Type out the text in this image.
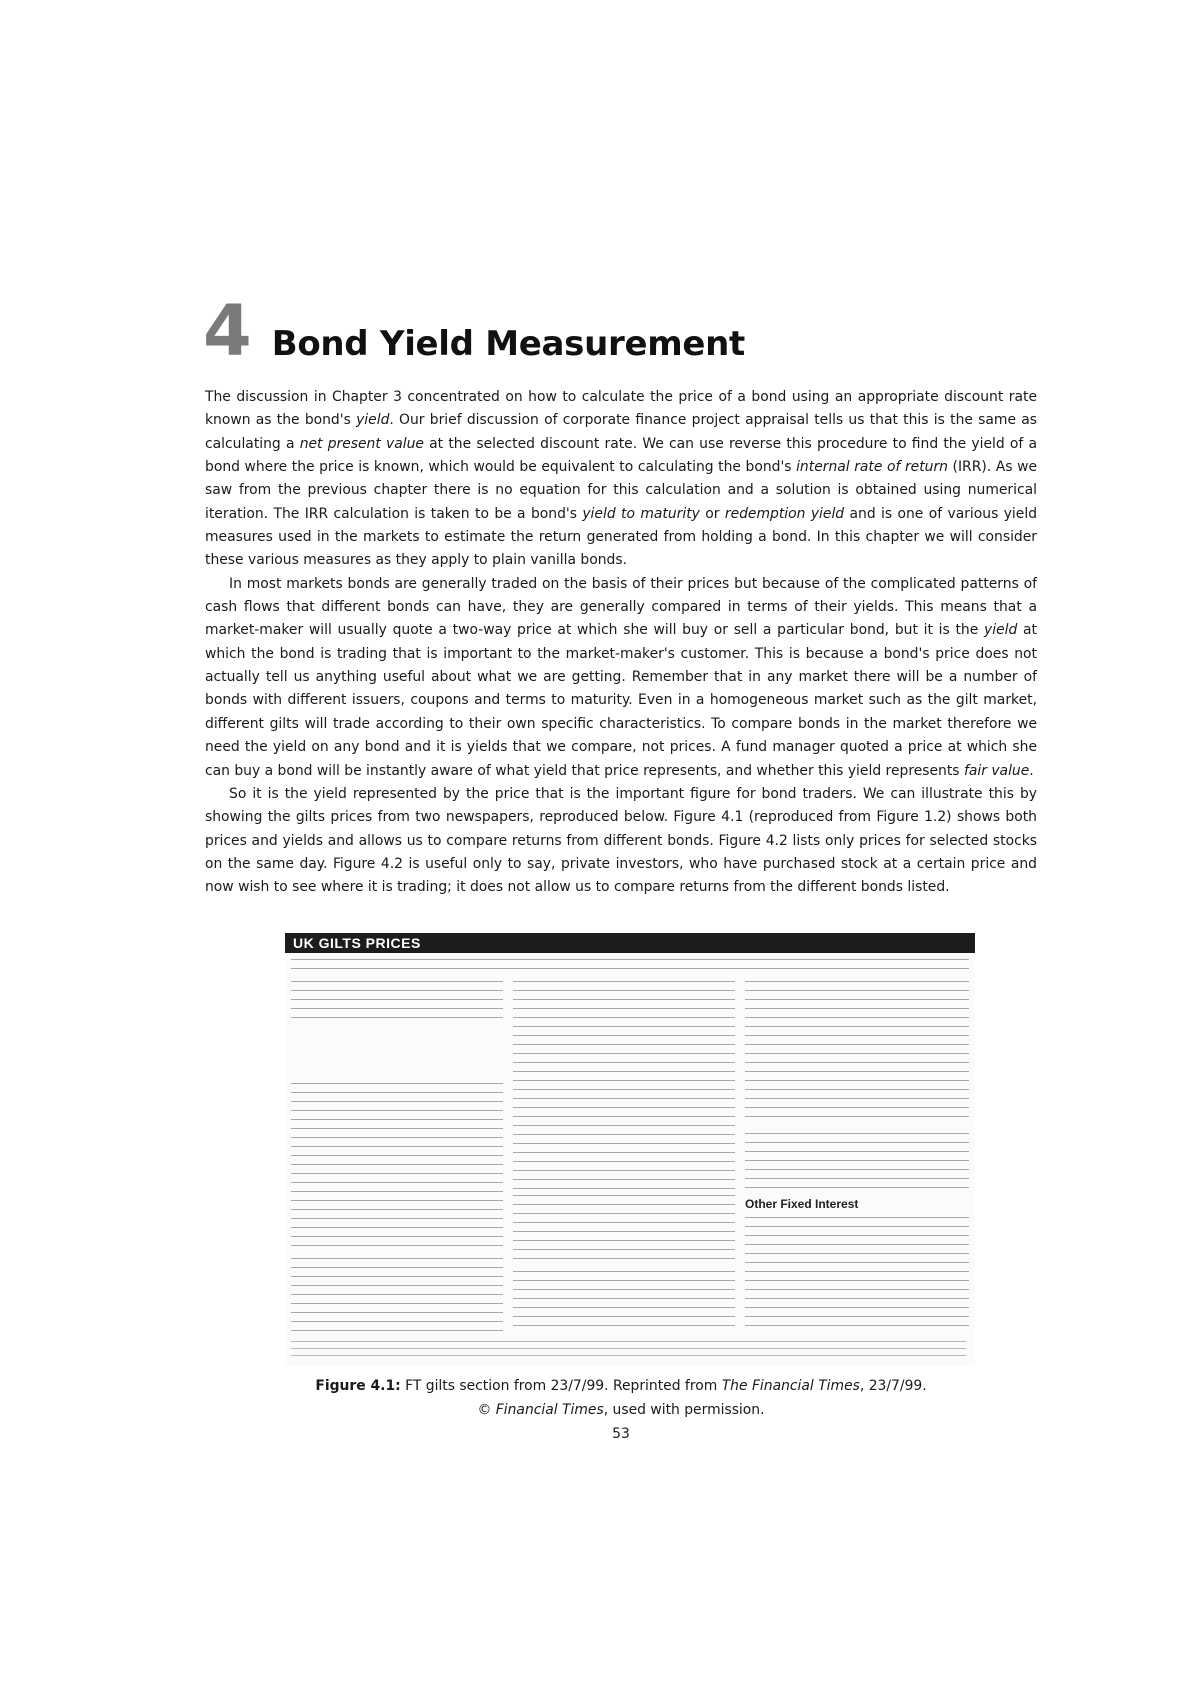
4 Bond Yield Measurement

The discussion in Chapter 3 concentrated on how to calculate the price of a bond using an appropriate discount rate known as the bond's yield. Our brief discussion of corporate finance project appraisal tells us that this is the same as calculating a net present value at the selected discount rate. We can use reverse this procedure to find the yield of a bond where the price is known, which would be equivalent to calculating the bond's internal rate of return (IRR). As we saw from the previous chapter there is no equation for this calculation and a solution is obtained using numerical iteration. The IRR calculation is taken to be a bond's yield to maturity or redemption yield and is one of various yield measures used in the markets to estimate the return generated from holding a bond. In this chapter we will consider these various measures as they apply to plain vanilla bonds.

In most markets bonds are generally traded on the basis of their prices but because of the complicated patterns of cash flows that different bonds can have, they are generally compared in terms of their yields. This means that a market-maker will usually quote a two-way price at which she will buy or sell a particular bond, but it is the yield at which the bond is trading that is important to the market-maker's customer. This is because a bond's price does not actually tell us anything useful about what we are getting. Remember that in any market there will be a number of bonds with different issuers, coupons and terms to maturity. Even in a homogeneous market such as the gilt market, different gilts will trade according to their own specific characteristics. To compare bonds in the market therefore we need the yield on any bond and it is yields that we compare, not prices. A fund manager quoted a price at which she can buy a bond will be instantly aware of what yield that price represents, and whether this yield represents fair value.

So it is the yield represented by the price that is the important figure for bond traders. We can illustrate this by showing the gilts prices from two newspapers, reproduced below. Figure 4.1 (reproduced from Figure 1.2) shows both prices and yields and allows us to compare returns from different bonds. Figure 4.2 lists only prices for selected stocks on the same day. Figure 4.2 is useful only to say, private investors, who have purchased stock at a certain price and now wish to see where it is trading; it does not allow us to compare returns from the different bonds listed.

UK GILTS PRICES
Other Fixed Interest
Figure 4.1: FT gilts section from 23/7/99. Reprinted from The Financial Times, 23/7/99.
© Financial Times, used with permission.
53
